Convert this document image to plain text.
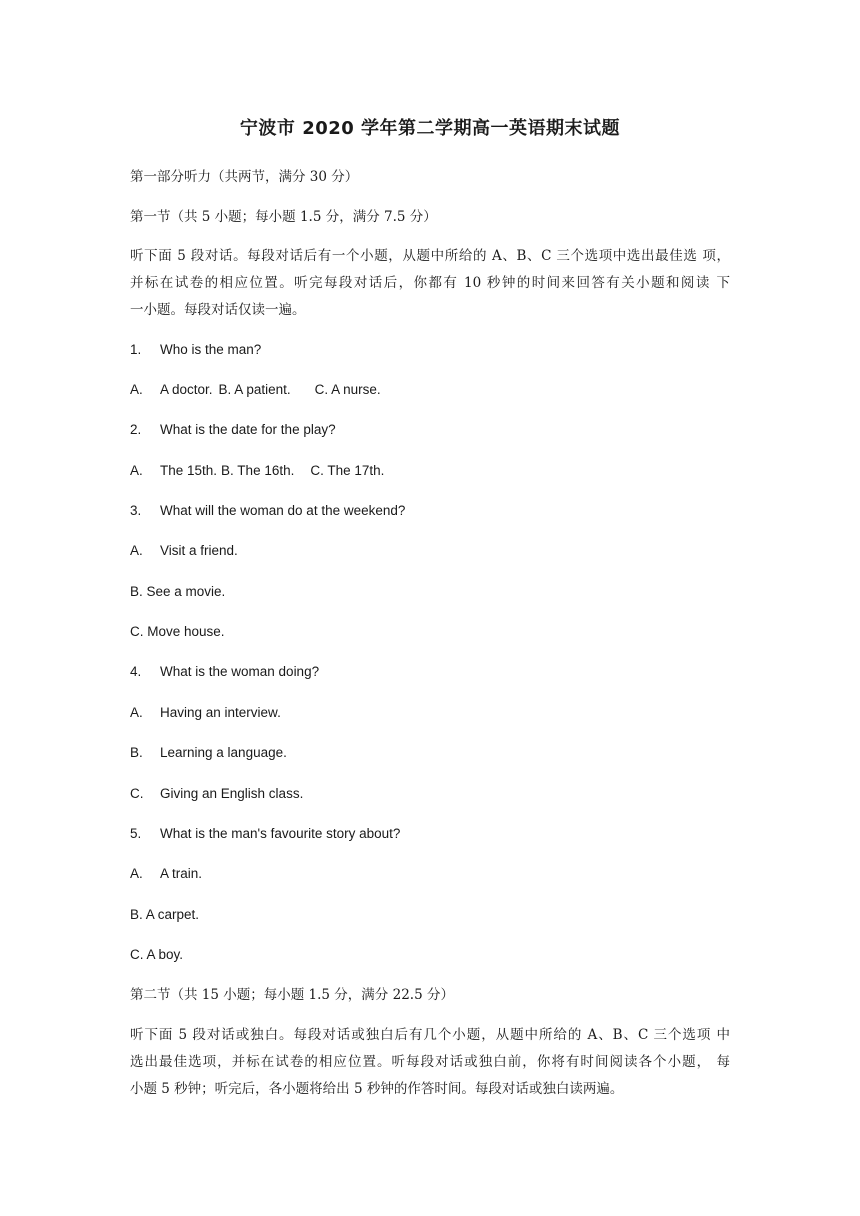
宁波市 2020 学年第二学期高一英语期末试题
第一部分听力（共两节，满分 30 分）
第一节（共 5 小题；每小题 1.5 分，满分 7.5 分）
听下面 5 段对话。每段对话后有一个小题，从题中所给的 A、B、C 三个选项中选出最佳选 项，
并标在试卷的相应位置。听完每段对话后，你都有 10 秒钟的时间来回答有关小题和阅读 下
一小题。每段对话仅读一遍。
1. Who is the man?
A. A doctor. B. A patient. C. A nurse.
2. What is the date for the play?
A. The 15th. B. The 16th. C. The 17th.
3. What will the woman do at the weekend?
A. Visit a friend.
B. See a movie.
C. Move house.
4. What is the woman doing?
A. Having an interview.
B. Learning a language.
C. Giving an English class.
5. What is the man's favourite story about?
A. A train.
B. A carpet.
C. A boy.
第二节（共 15 小题；每小题 1.5 分，满分 22.5 分）
听下面 5 段对话或独白。每段对话或独白后有几个小题，从题中所给的 A、B、C 三个选项 中
选出最佳选项，并标在试卷的相应位置。听每段对话或独白前，你将有时间阅读各个小题， 每
小题 5 秒钟；听完后，各小题将给出 5 秒钟的作答时间。每段对话或独白读两遍。
